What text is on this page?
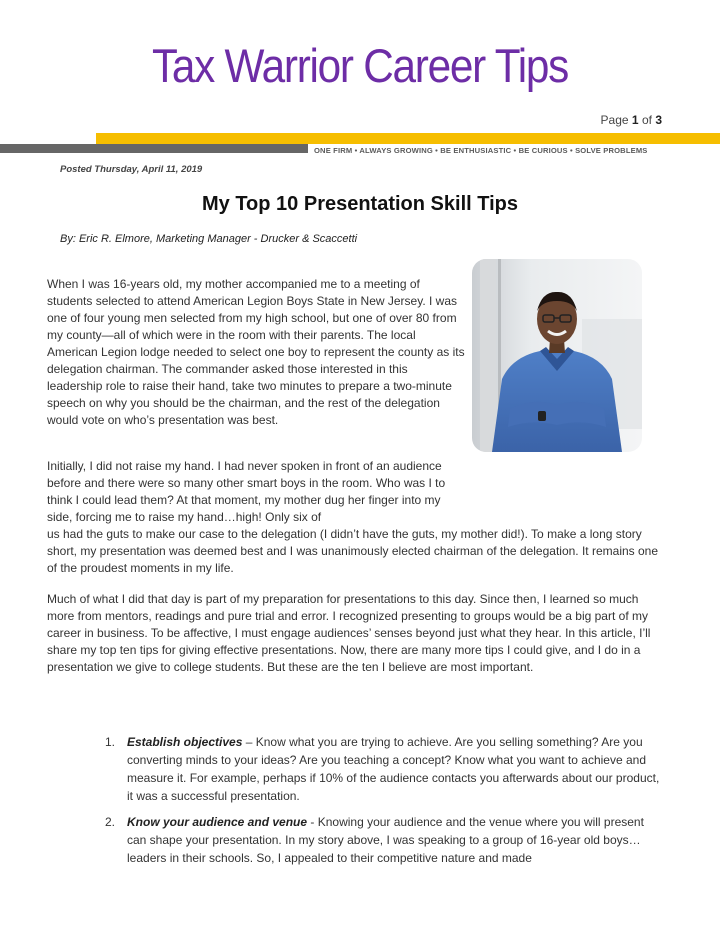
Tax Warrior Career Tips
Page 1 of 3
ONE FIRM • ALWAYS GROWING • BE ENTHUSIASTIC • BE CURIOUS • SOLVE PROBLEMS
Posted Thursday, April 11, 2019
My Top 10 Presentation Skill Tips
By: Eric R. Elmore, Marketing Manager - Drucker & Scaccetti

When I was 16-years old, my mother accompanied me to a meeting of students selected to attend American Legion Boys State in New Jersey. I was one of four young men selected from my high school, but one of over 80 from my county—all of which were in the room with their parents. The local American Legion lodge needed to select one boy to represent the county as its delegation chairman. The commander asked those interested in this leadership role to raise their hand, take two minutes to prepare a two-minute speech on why you should be the chairman, and the rest of the delegation would vote on who’s presentation was best.

Initially, I did not raise my hand. I had never spoken in front of an audience before and there were so many other smart boys in the room. Who was I to think I could lead them? At that moment, my mother dug her finger into my side, forcing me to raise my hand…high! Only six of

us had the guts to make our case to the delegation (I didn’t have the guts, my mother did!). To make a long story short, my presentation was deemed best and I was unanimously elected chairman of the delegation. It remains one of the proudest moments in my life.

Much of what I did that day is part of my preparation for presentations to this day. Since then, I learned so much more from mentors, readings and pure trial and error. I recognized presenting to groups would be a big part of my career in business. To be affective, I must engage audiences’ senses beyond just what they hear. In this article, I’ll share my top ten tips for giving effective presentations. Now, there are many more tips I could give, and I do in a presentation we give to college students. But these are the ten I believe are most important.

1. Establish objectives – Know what you are trying to achieve. Are you selling something? Are you converting minds to your ideas? Are you teaching a concept? Know what you want to achieve and measure it. For example, perhaps if 10% of the audience contacts you afterwards about our product, it was a successful presentation.
2. Know your audience and venue - Knowing your audience and the venue where you will present can shape your presentation. In my story above, I was speaking to a group of 16-year old boys…leaders in their schools. So, I appealed to their competitive nature and made
